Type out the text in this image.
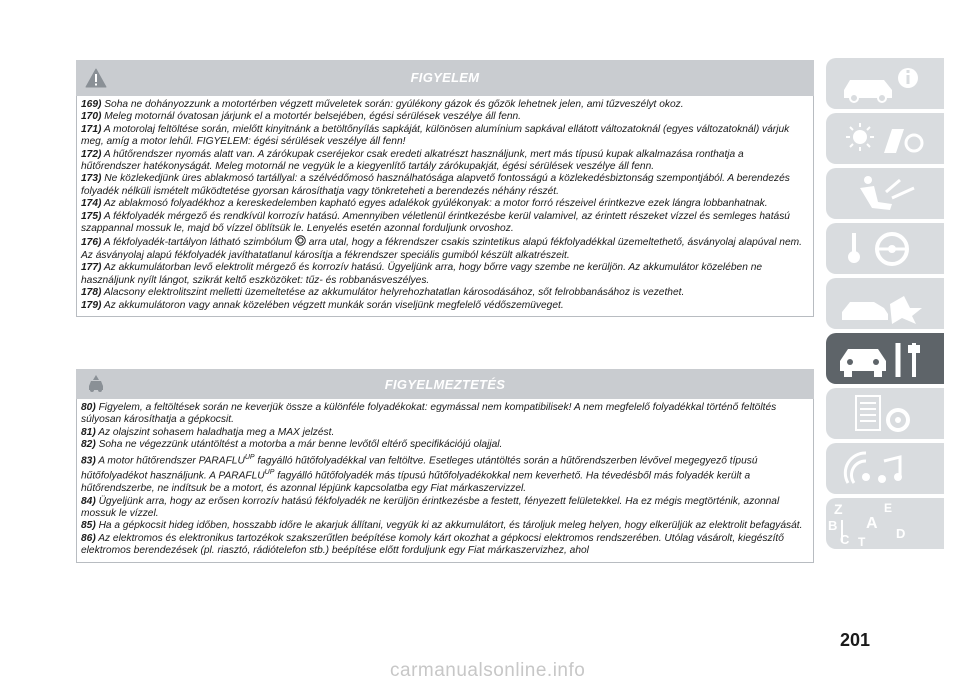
FIGYELEM

169) Soha ne dohányozzunk a motortérben végzett műveletek során: gyúlékony gázok és gőzök lehetnek jelen, ami tűzveszélyt okoz.

170) Meleg motornál óvatosan járjunk el a motortér belsejében, égési sérülések veszélye áll fenn.

171) A motorolaj feltöltése során, mielőtt kinyitnánk a betöltőnyílás sapkáját, különösen alumínium sapkával ellátott változatoknál (egyes változatoknál) várjuk meg, amíg a motor lehűl. FIGYELEM: égési sérülések veszélye áll fenn!

172) A hűtőrendszer nyomás alatt van. A zárókupak cseréjekor csak eredeti alkatrészt használjunk, mert más típusú kupak alkalmazása ronthatja a hűtőrendszer hatékonyságát. Meleg motornál ne vegyük le a kiegyenlítő tartály zárókupakját, égési sérülések veszélye áll fenn.

173) Ne közlekedjünk üres ablakmosó tartállyal: a szélvédőmosó használhatósága alapvető fontosságú a közlekedésbiztonság szempontjából. A berendezés folyadék nélküli ismételt működtetése gyorsan károsíthatja vagy tönkreteheti a berendezés néhány részét.

174) Az ablakmosó folyadékhoz a kereskedelemben kapható egyes adalékok gyúlékonyak: a motor forró részeivel érintkezve ezek lángra lobbanhatnak.

175) A fékfolyadék mérgező és rendkívül korrozív hatású. Amennyiben véletlenül érintkezésbe kerül valamivel, az érintett részeket vízzel és semleges hatású szappannal mossuk le, majd bő vízzel öblítsük le. Lenyelés esetén azonnal forduljunk orvoshoz.

176) A fékfolyadék-tartályon látható szimbólum arra utal, hogy a fékrendszer csakis szintetikus alapú fékfolyadékkal üzemeltethető, ásványolaj alapúval nem. Az ásványolaj alapú fékfolyadék javíthatatlanul károsítja a fékrendszer speciális gumiból készült alkatrészeit.

177) Az akkumulátorban levő elektrolit mérgező és korrozív hatású. Ügyeljünk arra, hogy bőrre vagy szembe ne kerüljön. Az akkumulátor közelében ne használjunk nyílt lángot, szikrát keltő eszközöket: tűz- és robbanásveszélyes.

178) Alacsony elektrolitszint melletti üzemeltetése az akkumulátor helyrehozhatatlan károsodásához, sőt felrobbanásához is vezethet.

179) Az akkumulátoron vagy annak közelében végzett munkák során viseljünk megfelelő védőszemüveget.

FIGYELMEZTETÉS

80) Figyelem, a feltöltések során ne keverjük össze a különféle folyadékokat: egymással nem kompatibilisek! A nem megfelelő folyadékkal történő feltöltés súlyosan károsíthatja a gépkocsit.

81) Az olajszint sohasem haladhatja meg a MAX jelzést.

82) Soha ne végezzünk utántöltést a motorba a már benne levőtől eltérő specifikációjú olajjal.

83) A motor hűtőrendszer $PARAFLU^{UP}$ fagyálló hűtőfolyadékkal van feltöltve. Esetleges utántöltés során a hűtőrendszerben lévővel megegyező típusú hűtőfolyadékot használjunk. A $PARAFLU^{UP}$ fagyálló hűtőfolyadék más típusú hűtőfolyadékokkal nem keverhető. Ha tévedésből más folyadék került a hűtőrendszerbe, ne indítsuk be a motort, és azonnal lépjünk kapcsolatba egy Fiat márkaszervizzel.

84) Ügyeljünk arra, hogy az erősen korrozív hatású fékfolyadék ne kerüljön érintkezésbe a festett, fényezett felületekkel. Ha ez mégis megtörténik, azonnal mossuk le vízzel.

85) Ha a gépkocsit hideg időben, hosszabb időre le akarjuk állítani, vegyük ki az akkumulátort, és tároljuk meleg helyen, hogy elkerüljük az elektrolit befagyását.

86) Az elektromos és elektronikus tartozékok szakszerűtlen beépítése komoly kárt okozhat a gépkocsi elektromos rendszerében. Utólag vásárolt, kiegészítő elektromos berendezések (pl. riasztó, rádiótelefon stb.) beépítése előtt forduljunk egy Fiat márkaszervizhez, ahol

Z	E
B A
C T
D
201
carmanualsonline.info
